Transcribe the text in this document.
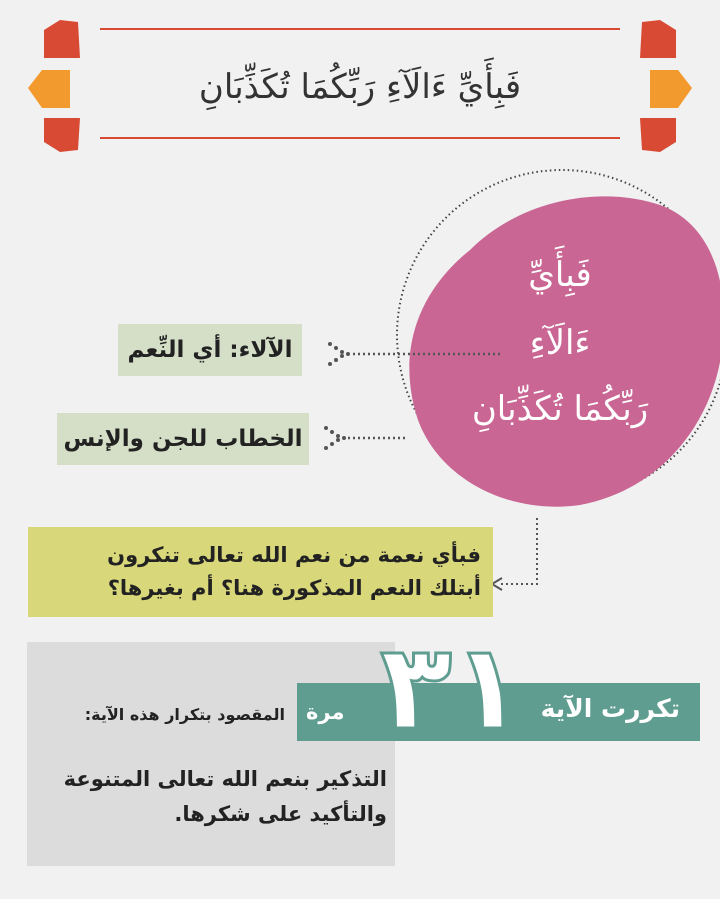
فَبِأَيِّ ءَالَآءِ رَبِّكُمَا تُكَذِّبَانِ
فَبِأَيِّ
ءَالَآءِ
رَبِّكُمَا تُكَذِّبَانِ
الآلاء: أي النِّعم
الخطاب للجن والإنس
فبأي نعمة من نعم الله تعالى تنكرون
أبتلك النعم المذكورة هنا؟ أم بغيرها؟
تكررت الآية
مرة ٣١
المقصود بتكرار هذه الآية:
التذكير بنعم الله تعالى المتنوعة
والتأكيد على شكرها.
